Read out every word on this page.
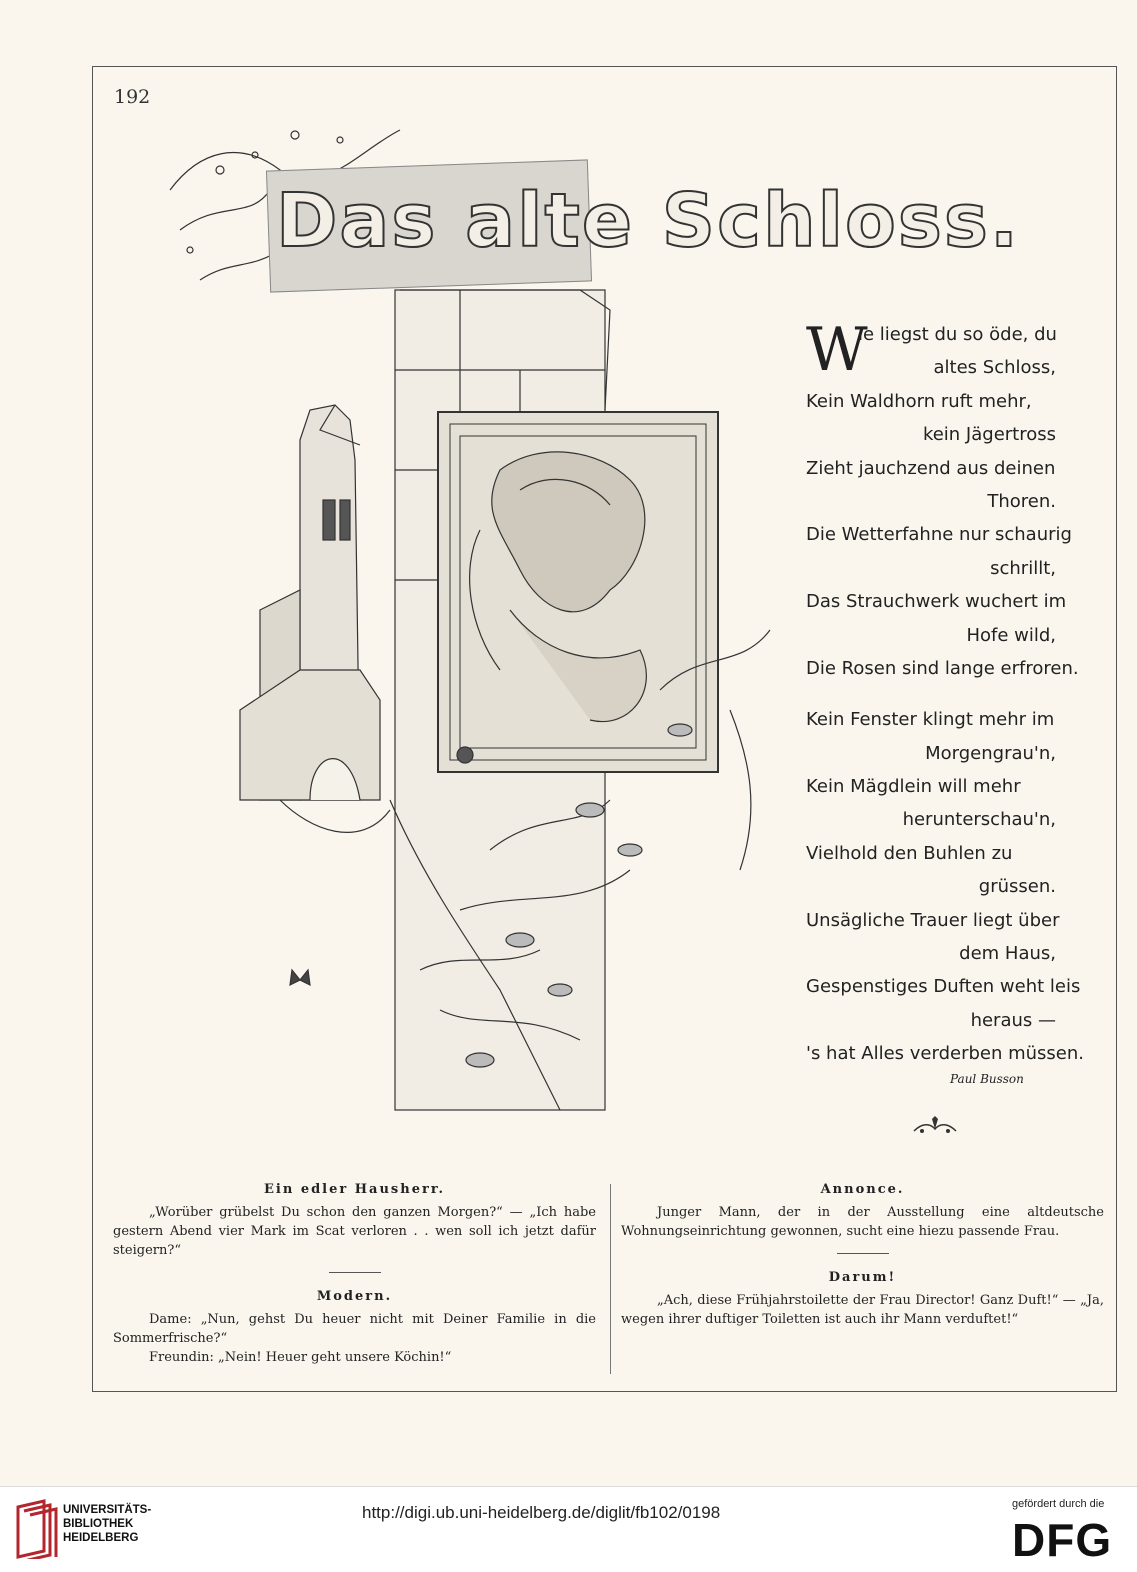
192
Das alte Schloss.
W
ie liegst du so öde, du
altes Schloss,
Kein Waldhorn ruft mehr,
kein Jägertross
Zieht jauchzend aus deinen
Thoren.
Die Wetterfahne nur schaurig
schrillt,
Das Strauchwerk wuchert im
Hofe wild,
Die Rosen sind lange erfroren.
Kein Fenster klingt mehr im
Morgengrau'n,
Kein Mägdlein will mehr
herunterschau'n,
Vielhold den Buhlen zu
grüssen.
Unsägliche Trauer liegt über
dem Haus,
Gespenstiges Duften weht leis
heraus —
's hat Alles verderben müssen.
Paul Busson
Ein edler Hausherr.

„Worüber grübelst Du schon den ganzen Morgen?“ — „Ich habe gestern Abend vier Mark im Scat verloren . . wen soll ich jetzt dafür steigern?“

Modern.

Dame: „Nun, gehst Du heuer nicht mit Deiner Familie in die Sommerfrische?“

Freundin: „Nein! Heuer geht unsere Köchin!“

Annonce.

Junger Mann, der in der Ausstellung eine altdeutsche Wohnungseinrichtung gewonnen, sucht eine hiezu passende Frau.

Darum!

„Ach, diese Frühjahrstoilette der Frau Director! Ganz Duft!“ — „Ja, wegen ihrer duftiger Toiletten ist auch ihr Mann verduftet!“

UNIVERSITÄTS-
BIBLIOTHEK
HEIDELBERG
http://digi.ub.uni-heidelberg.de/diglit/fb102/0198	gefördert durch die
DFG
